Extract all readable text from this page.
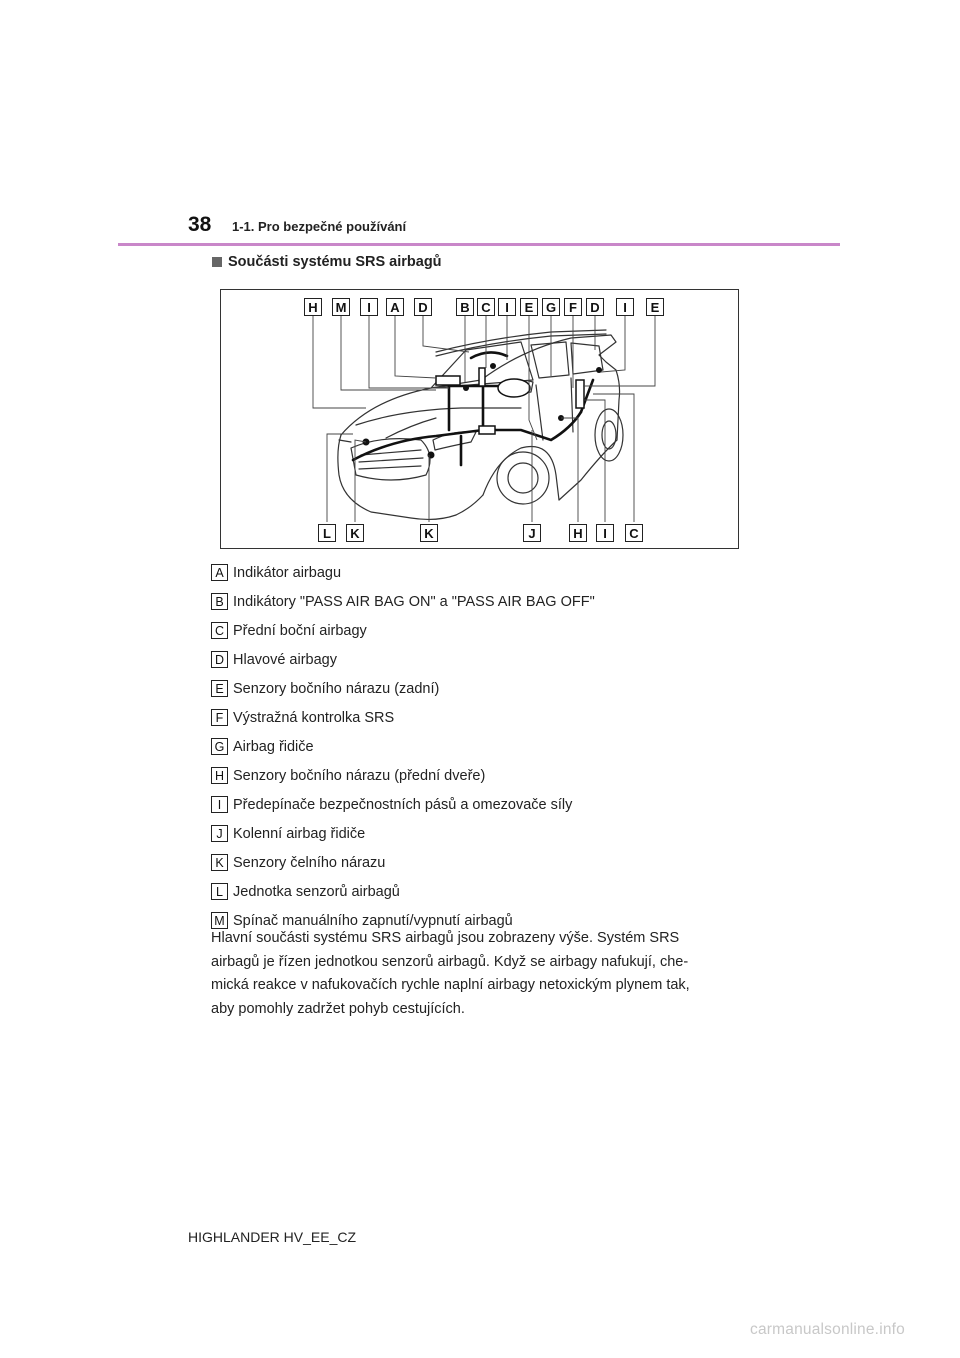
38 1-1. Pro bezpečné používání
Součásti systému SRS airbagů
H	M	I	A	D	B C	I	E G F	D	I	E
L	K	K	J	H	I	C
A Indikátor airbagu
B Indikátory "PASS AIR BAG ON" a "PASS AIR BAG OFF"
C Přední boční airbagy
D Hlavové airbagy
E Senzory bočního nárazu (zadní)
F Výstražná kontrolka SRS
G Airbag řidiče
H Senzory bočního nárazu (přední dveře)
I Předepínače bezpečnostních pásů a omezovače síly
J Kolenní airbag řidiče
K Senzory čelního nárazu
L Jednotka senzorů airbagů
M Spínač manuálního zapnutí/vypnutí airbagů
Hlavní součásti systému SRS airbagů jsou zobrazeny výše. Systém SRS
airbagů je řízen jednotkou senzorů airbagů. Když se airbagy nafukují, che-
mická reakce v nafukovačích rychle naplní airbagy netoxickým plynem tak,
aby pomohly zadržet pohyb cestujících.
HIGHLANDER HV_EE_CZ
carmanualsonline.info
